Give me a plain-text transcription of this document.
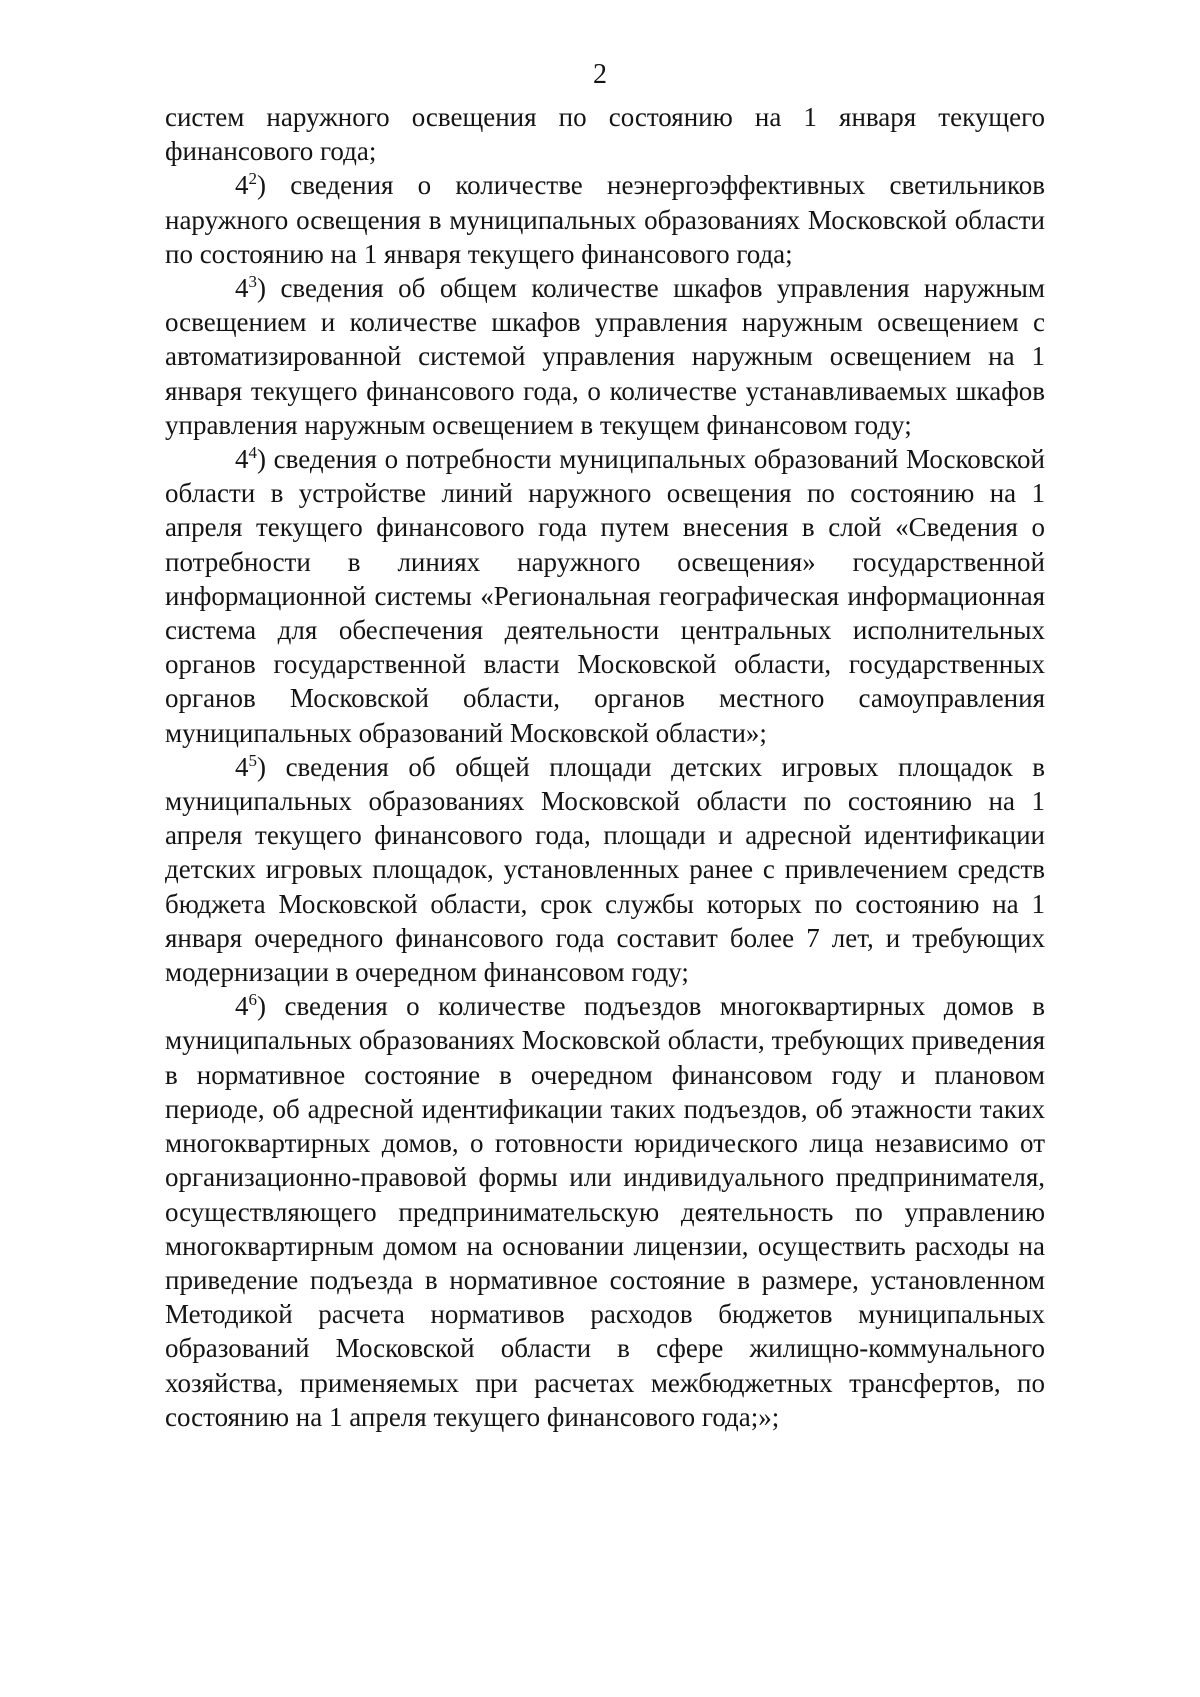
2

систем наружного освещения по состоянию на 1 января текущего финансового года;

$4^2$) сведения о количестве неэнергоэффективных светильников наружного освещения в муниципальных образованиях Московской области по состоянию на 1 января текущего финансового года;

$4^3$) сведения об общем количестве шкафов управления наружным освещением и количестве шкафов управления наружным освещением с автоматизированной системой управления наружным освещением на 1 января текущего финансового года, о количестве устанавливаемых шкафов управления наружным освещением в текущем финансовом году;

$4^4$) сведения о потребности муниципальных образований Московской области в устройстве линий наружного освещения по состоянию на 1 апреля текущего финансового года путем внесения в слой «Сведения о потребности в линиях наружного освещения» государственной информационной системы «Региональная географическая информационная система для обеспечения деятельности центральных исполнительных органов государственной власти Московской области, государственных органов Московской области, органов местного самоуправления муниципальных образований Московской области»;

$4^5$) сведения об общей площади детских игровых площадок в муниципальных образованиях Московской области по состоянию на 1 апреля текущего финансового года, площади и адресной идентификации детских игровых площадок, установленных ранее с привлечением средств бюджета Московской области, срок службы которых по состоянию на 1 января очередного финансового года составит более 7 лет, и требующих модернизации в очередном финансовом году;

$4^6$) сведения о количестве подъездов многоквартирных домов в муниципальных образованиях Московской области, требующих приведения в нормативное состояние в очередном финансовом году и плановом периоде, об адресной идентификации таких подъездов, об этажности таких многоквартирных домов, о готовности юридического лица независимо от организационно-правовой формы или индивидуального предпринимателя, осуществляющего предпринимательскую деятельность по управлению многоквартирным домом на основании лицензии, осуществить расходы на приведение подъезда в нормативное состояние в размере, установленном Методикой расчета нормативов расходов бюджетов муниципальных образований Московской области в сфере жилищно-коммунального хозяйства, применяемых при расчетах межбюджетных трансфертов, по состоянию на 1 апреля текущего финансового года;»;
